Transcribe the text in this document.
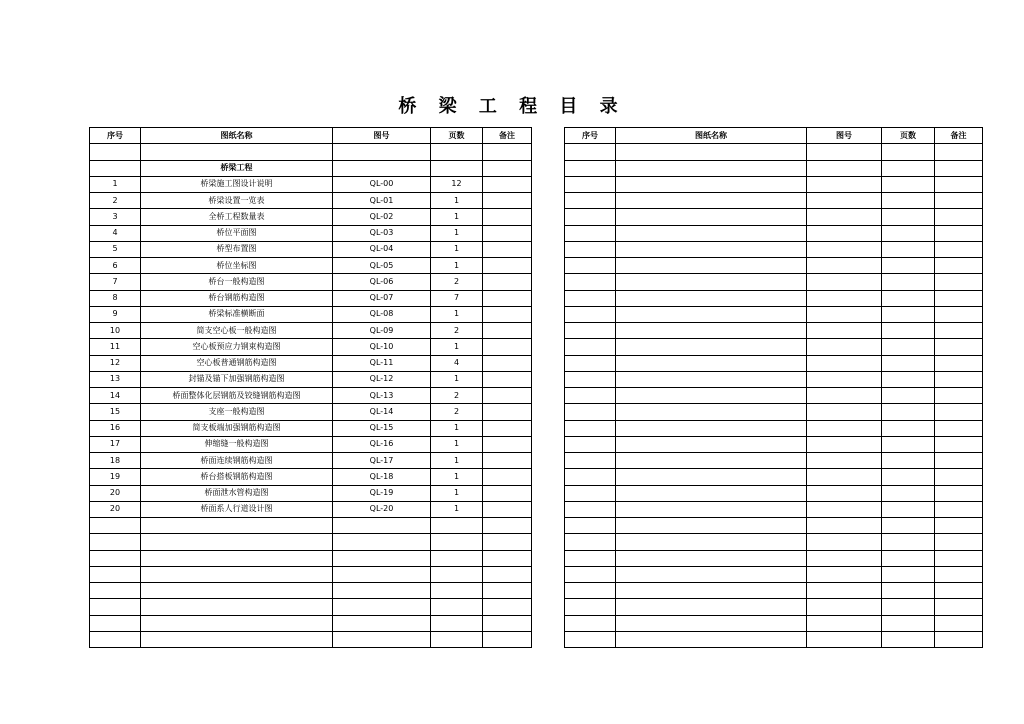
桥 梁 工 程 目 录
序号	图纸名称	图号	页数	备注

	桥梁工程			
1	桥梁施工图设计说明	QL-00	12	
2	桥梁设置一览表	QL-01	1	
3	全桥工程数量表	QL-02	1	
4	桥位平面图	QL-03	1	
5	桥型布置图	QL-04	1	
6	桥位坐标图	QL-05	1	
7	桥台一般构造图	QL-06	2	
8	桥台钢筋构造图	QL-07	7	
9	桥梁标准横断面	QL-08	1	
10	简支空心板一般构造图	QL-09	2	
11	空心板预应力钢束构造图	QL-10	1	
12	空心板普通钢筋构造图	QL-11	4	
13	封锚及锚下加强钢筋构造图	QL-12	1	
14	桥面整体化层钢筋及铰缝钢筋构造图	QL-13	2	
15	支座一般构造图	QL-14	2	
16	简支板端加强钢筋构造图	QL-15	1	
17	伸缩缝一般构造图	QL-16	1	
18	桥面连续钢筋构造图	QL-17	1	
19	桥台搭板钢筋构造图	QL-18	1	
20	桥面泄水管构造图	QL-19	1	
20	桥面系人行道设计图	QL-20	1	

序号	图纸名称	图号	页数	备注
